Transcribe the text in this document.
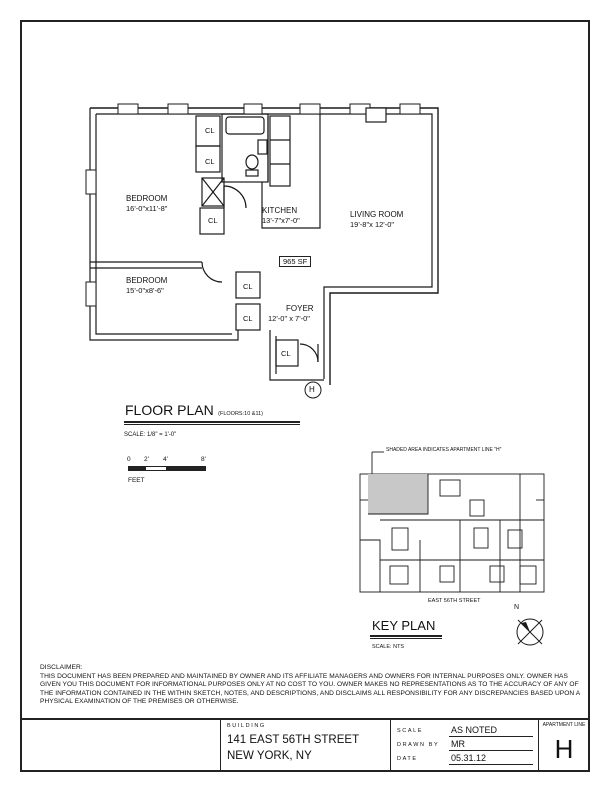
BEDROOM
16'-0"x11'-8"
BEDROOM
15'-0"x8'-6"
KITCHEN
13'-7"x7'-0"
LIVING ROOM
19'-8"x 12'-0"
FOYER
12'-0" x 7'-0"
CL
CL
CL
CL
CL
CL
965 SF
H
FLOOR PLAN (FLOORS:10 &11)
SCALE: 1/8" = 1'-0"
0 2' 4'	8'
FEET
SHADED AREA INDICATES APARTMENT LINE "H"
EAST 56TH STREET
KEY PLAN
SCALE: NTS
N
DISCLAIMER:
THIS DOCUMENT HAS BEEN PREPARED AND MAINTAINED BY OWNER AND ITS AFFILIATE MANAGERS AND OWNERS FOR INTERNAL PURPOSES ONLY. OWNER HAS GIVEN YOU THIS DOCUMENT FOR INFORMATIONAL PURPOSES ONLY AT NO COST TO YOU. OWNER MAKES NO REPRESENTATIONS AS TO THE ACCURACY OF ANY OF THE INFORMATION CONTAINED IN THE WITHIN SKETCH, NOTES, AND DESCRIPTIONS, AND DISCLAIMS ALL RESPONSIBILITY FOR ANY DISCREPANCIES BASED UPON A PHYSICAL EXAMINATION OF THE PREMISES OR OTHERWISE.
BUILDING
141 EAST 56TH STREET
NEW YORK, NY
SCALE	AS NOTED
DRAWN BY MR
DATE	05.31.12
APARTMENT LINE
H
